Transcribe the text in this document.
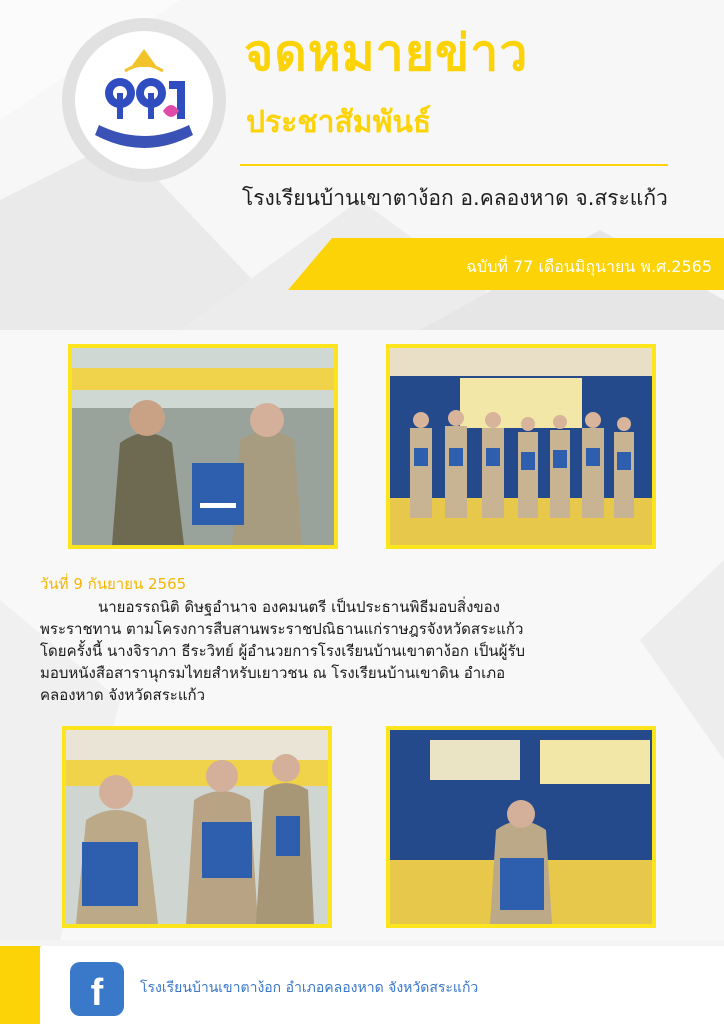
จดหมายข่าว
ประชาสัมพันธ์
โรงเรียนบ้านเขาตาง้อก อ.คลองหาด จ.สระแก้ว
ฉบับที่ 77 เดือนมิถุนายน พ.ศ.2565
วันที่ 9 กันยายน 2565
นายอรรถนิติ ดิษฐอำนาจ องคมนตรี เป็นประธานพิธีมอบสิ่งของ
พระราชทาน ตามโครงการสืบสานพระราชปณิธานแก่ราษฎรจังหวัดสระแก้ว
โดยครั้งนี้ นางจิราภา ธีระวิทย์ ผู้อำนวยการโรงเรียนบ้านเขาตาง้อก เป็นผู้รับ
มอบหนังสือสารานุกรมไทยสำหรับเยาวชน ณ โรงเรียนบ้านเขาดิน อำเภอ
คลองหาด จังหวัดสระแก้ว
f	โรงเรียนบ้านเขาตาง้อก อำเภอคลองหาด จังหวัดสระแก้ว
